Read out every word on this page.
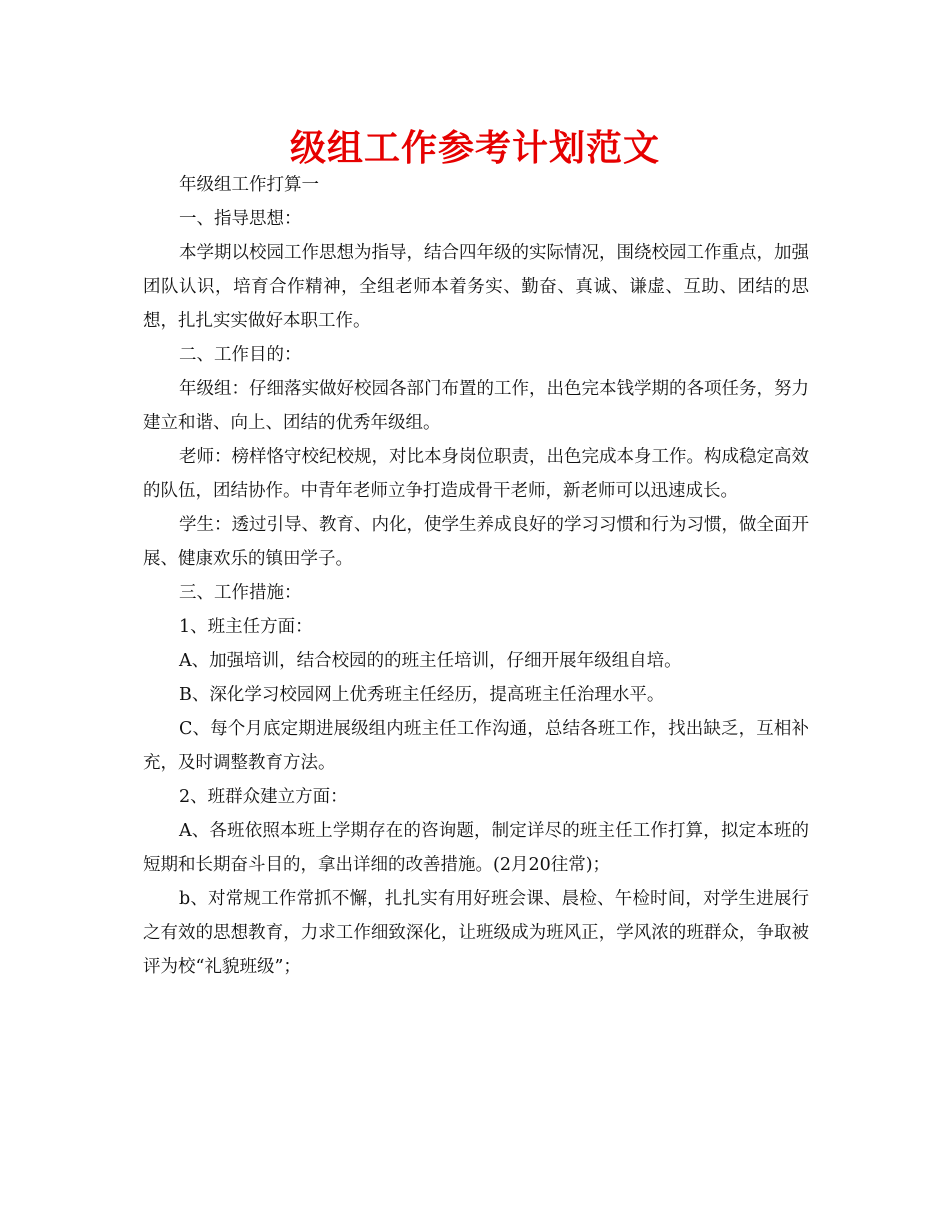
级组工作参考计划范文

年级组工作打算一

一、指导思想：

本学期以校园工作思想为指导，结合四年级的实际情况，围绕校园工作重点，加强团队认识，培育合作精神，全组老师本着务实、勤奋、真诚、谦虚、互助、团结的思想，扎扎实实做好本职工作。

二、工作目的：

年级组：仔细落实做好校园各部门布置的工作，出色完本钱学期的各项任务，努力建立和谐、向上、团结的优秀年级组。

老师：榜样恪守校纪校规，对比本身岗位职责，出色完成本身工作。构成稳定高效的队伍，团结协作。中青年老师立争打造成骨干老师，新老师可以迅速成长。

学生：透过引导、教育、内化，使学生养成良好的学习习惯和行为习惯，做全面开展、健康欢乐的镇田学子。

三、工作措施：

1、班主任方面：

A、加强培训，结合校园的的班主任培训，仔细开展年级组自培。

B、深化学习校园网上优秀班主任经历，提高班主任治理水平。

C、每个月底定期进展级组内班主任工作沟通，总结各班工作，找出缺乏，互相补充，及时调整教育方法。

2、班群众建立方面：

A、各班依照本班上学期存在的咨询题，制定详尽的班主任工作打算，拟定本班的短期和长期奋斗目的，拿出详细的改善措施。(2月20往常)；

b、对常规工作常抓不懈，扎扎实有用好班会课、晨检、午检时间，对学生进展行之有效的思想教育，力求工作细致深化，让班级成为班风正，学风浓的班群众，争取被评为校“礼貌班级”；
